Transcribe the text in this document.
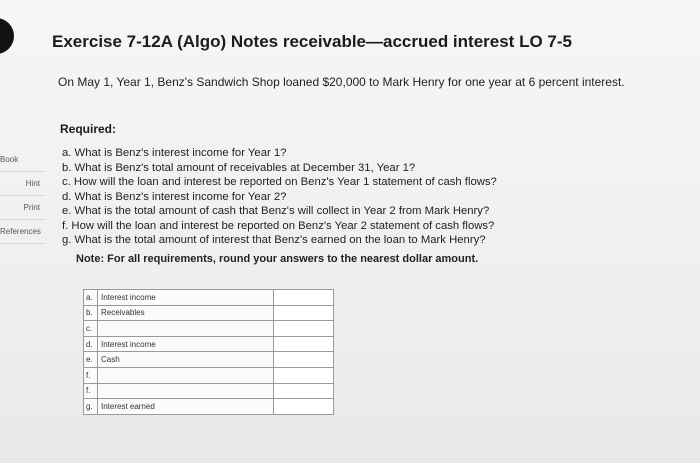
Book
Hint
Print
References
Exercise 7-12A (Algo) Notes receivable—accrued interest LO 7-5
On May 1, Year 1, Benz's Sandwich Shop loaned $20,000 to Mark Henry for one year at 6 percent interest.
Required:
a. What is Benz's interest income for Year 1?
b. What is Benz's total amount of receivables at December 31, Year 1?
c. How will the loan and interest be reported on Benz's Year 1 statement of cash flows?
d. What is Benz's interest income for Year 2?
e. What is the total amount of cash that Benz's will collect in Year 2 from Mark Henry?
f. How will the loan and interest be reported on Benz's Year 2 statement of cash flows?
g. What is the total amount of interest that Benz's earned on the loan to Mark Henry?
Note: For all requirements, round your answers to the nearest dollar amount.
a.	Interest income	
b.	Receivables	
c.		
d.	Interest income	
e.	Cash	
f.		
f.		
g.	Interest earned	
